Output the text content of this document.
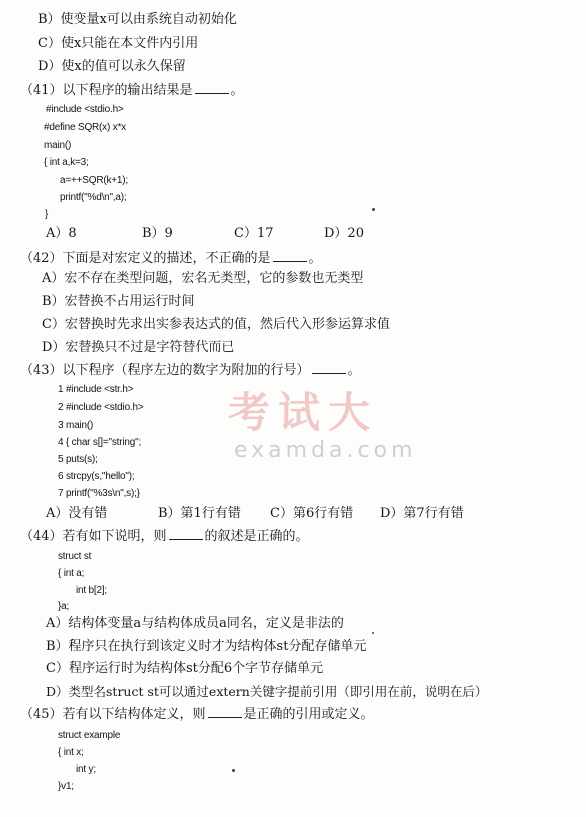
B）使变量x可以由系统自动初始化
C）使x只能在本文件内引用
D）使x的值可以永久保留
（41）以下程序的输出结果是	。
#include <stdio.h>
#define SQR(x) x*x
main()
{ int a,k=3;
a=++SQR(k+1);
printf("%d\n",a);
}
A）8	B）9	C）17	D）20
（42）下面是对宏定义的描述，不正确的是	。
A）宏不存在类型问题，宏名无类型，它的参数也无类型
B）宏替换不占用运行时间
C）宏替换时先求出实参表达式的值，然后代入形参运算求值
D）宏替换只不过是字符替代而已
（43）以下程序（程序左边的数字为附加的行号）	。
1 #include <str.h>
2 #include <stdio.h>
3 main()
4 { char s[]="string";
5 puts(s);
6 strcpy(s,"hello");
7 printf("%3s\n",s);}
A）没有错	B）第1行有错 C）第6行有错 D）第7行有错
（44）若有如下说明，则	的叙述是正确的。
struct st
{ int a;
int b[2];
}a;
A）结构体变量a与结构体成员a同名，定义是非法的
B）程序只在执行到该定义时才为结构体st分配存储单元
C）程序运行时为结构体st分配6个字节存储单元
D）类型名struct st可以通过extern关键字提前引用（即引用在前，说明在后）
（45）若有以下结构体定义，则	是正确的引用或定义。
struct example
{ int x;
int y;
}v1;
考试大
examda.com
